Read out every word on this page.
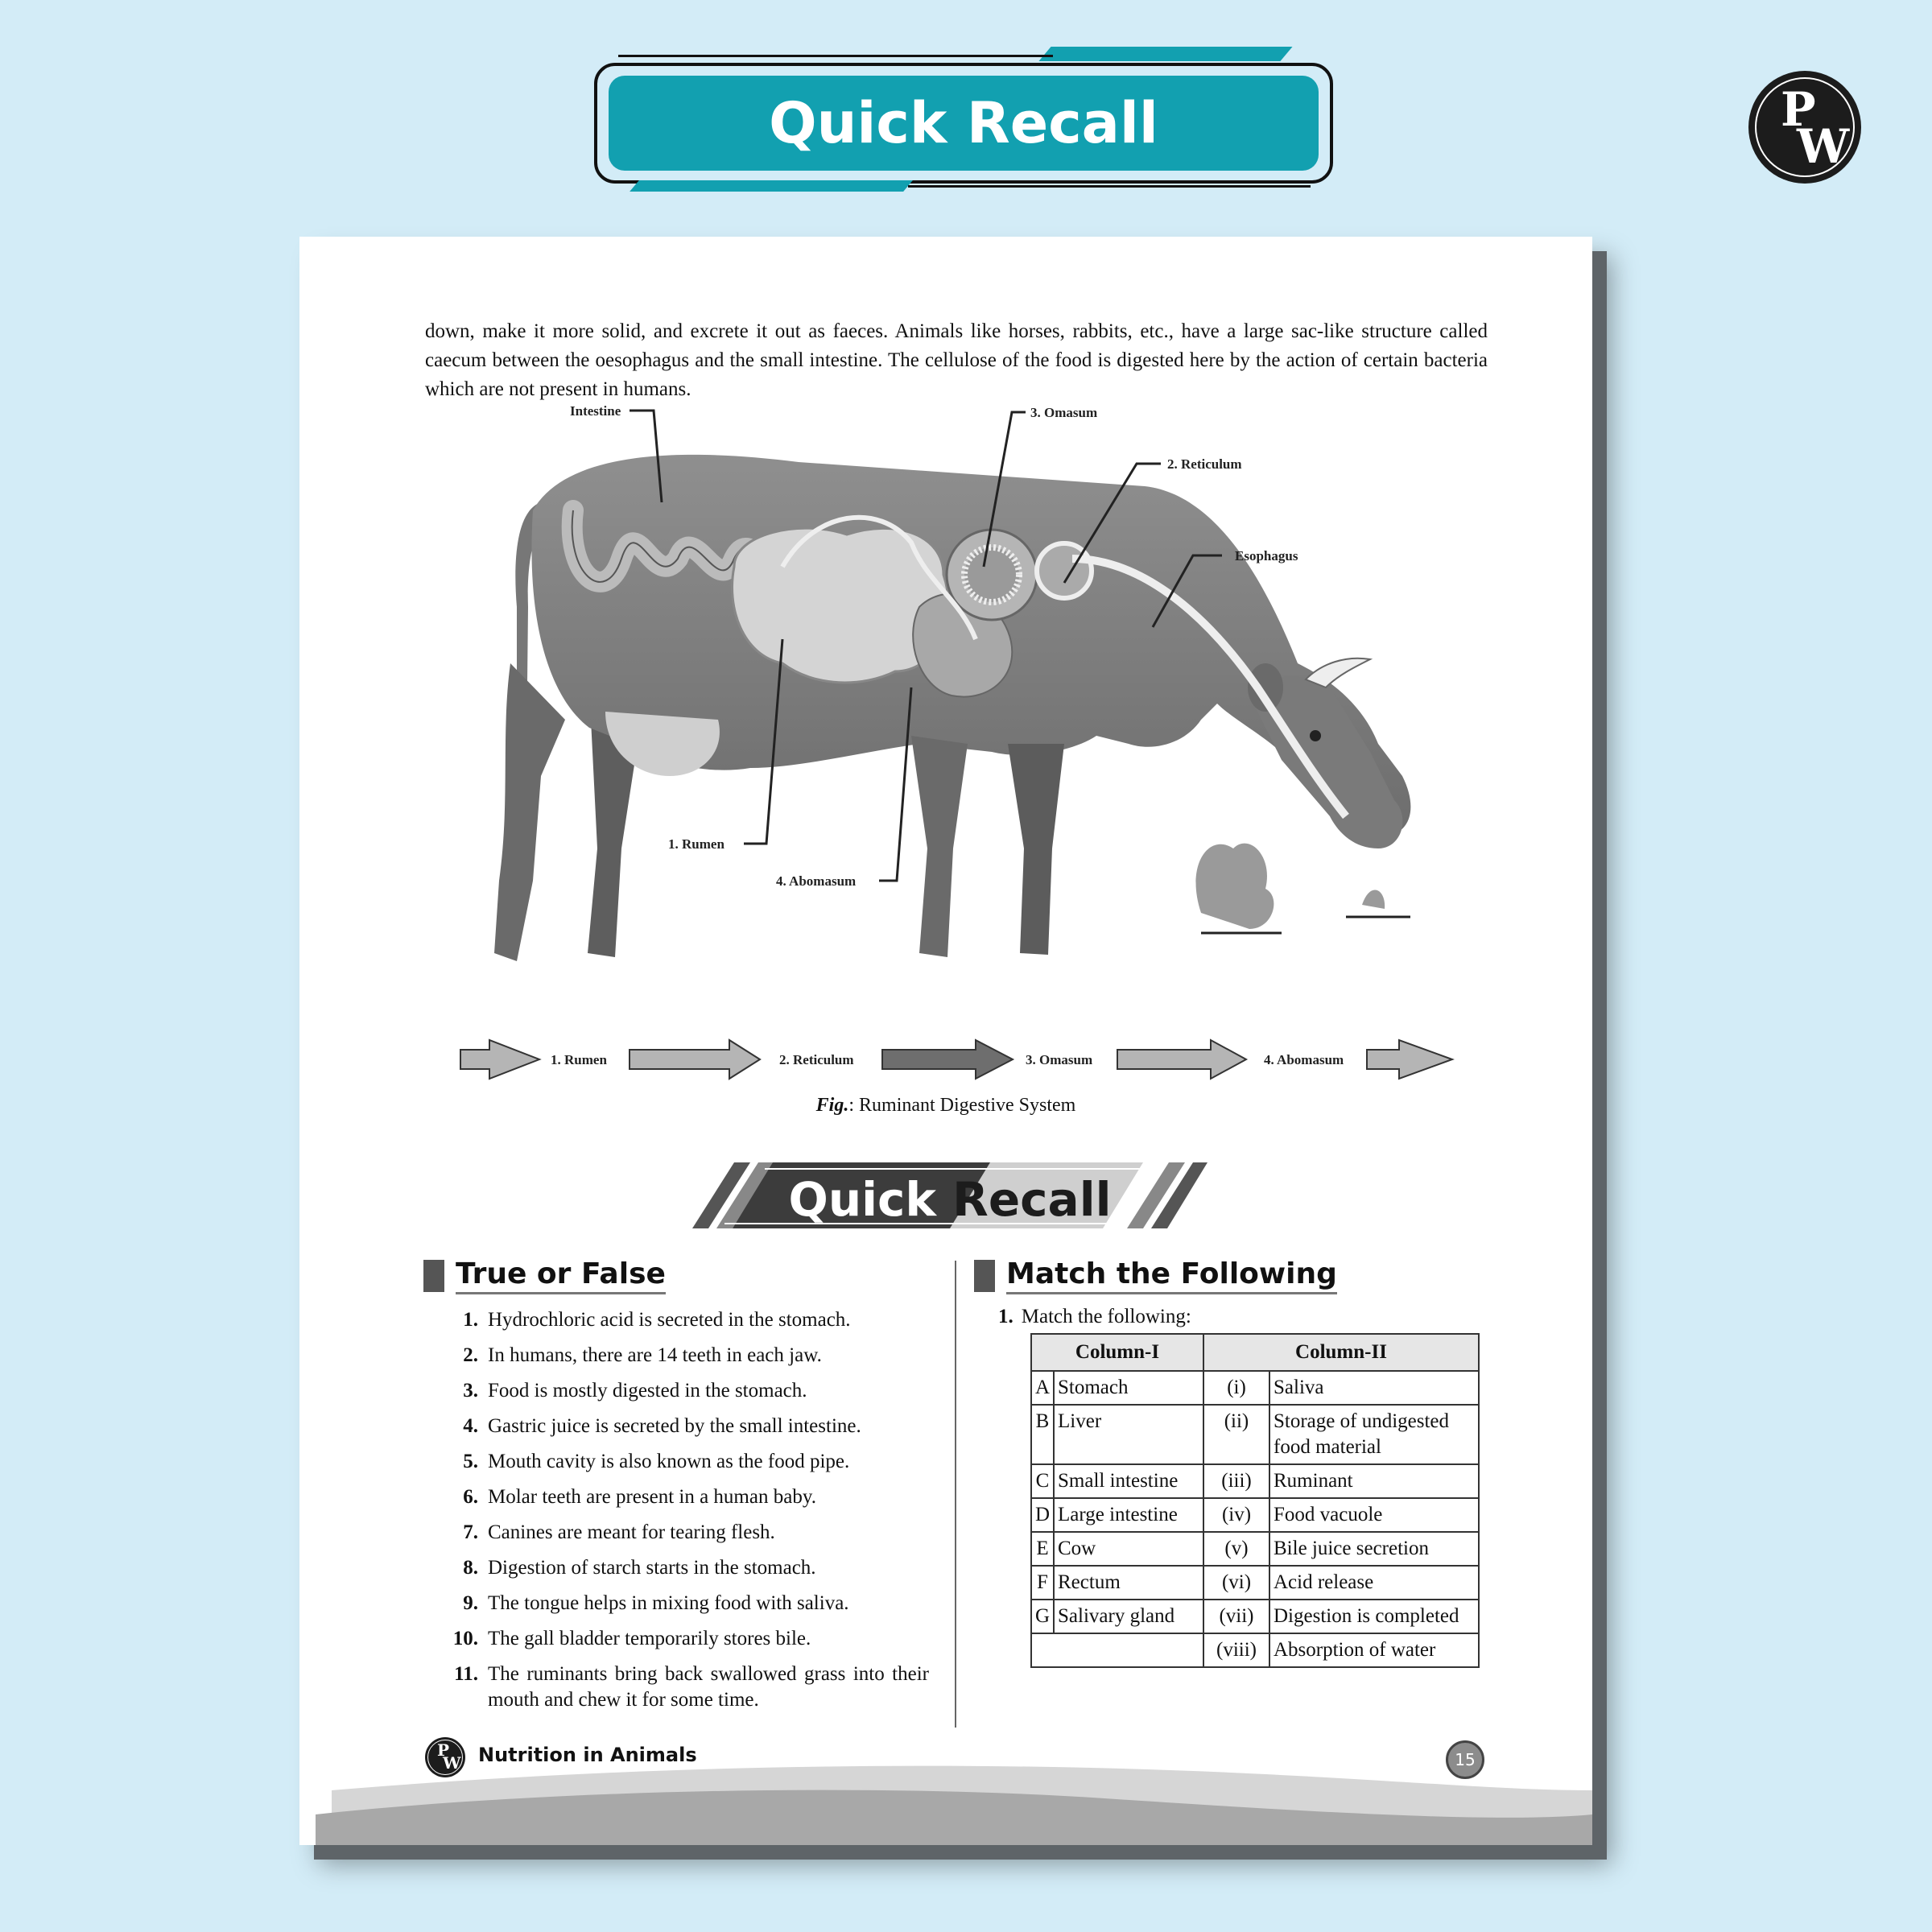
Quick Recall	P
W

down, make it more solid, and excrete it out as faeces. Animals like horses, rabbits, etc., have a large sac-like structure called caecum between the oesophagus and the small intestine. The cellulose of the food is digested here by the action of certain bacteria which are not present in humans.

Intestine	3. Omasum
2. Reticulum
Esophagus
1. Rumen
4. Abomasum
1. Rumen	2. Reticulum	3. Omasum	4. Abomasum
Fig.: Ruminant Digestive System
Quick
Recall
True or False
1. Hydrochloric acid is secreted in the stomach.
2. In humans, there are 14 teeth in each jaw.
3. Food is mostly digested in the stomach.
4. Gastric juice is secreted by the small intestine.
5. Mouth cavity is also known as the food pipe.
6. Molar teeth are present in a human baby.
7. Canines are meant for tearing flesh.
8. Digestion of starch starts in the stomach.
9. The tongue helps in mixing food with saliva.
10. The gall bladder temporarily stores bile.
11. The ruminants bring back swallowed grass into their mouth and chew it for some time.
Match the Following
1. Match the following:
Column-I		Column-II	
A	Stomach	(i)	Saliva
B	Liver	(ii)	Storage of undigested food material
C	Small intestine	(iii)	Ruminant
D	Large intestine	(iv)	Food vacuole
E	Cow	(v)	Bile juice secretion
F	Rectum	(vi)	Acid release
G	Salivary gland	(vii)	Digestion is completed
		(viii)	Absorption of water
P
W Nutrition in Animals	15
